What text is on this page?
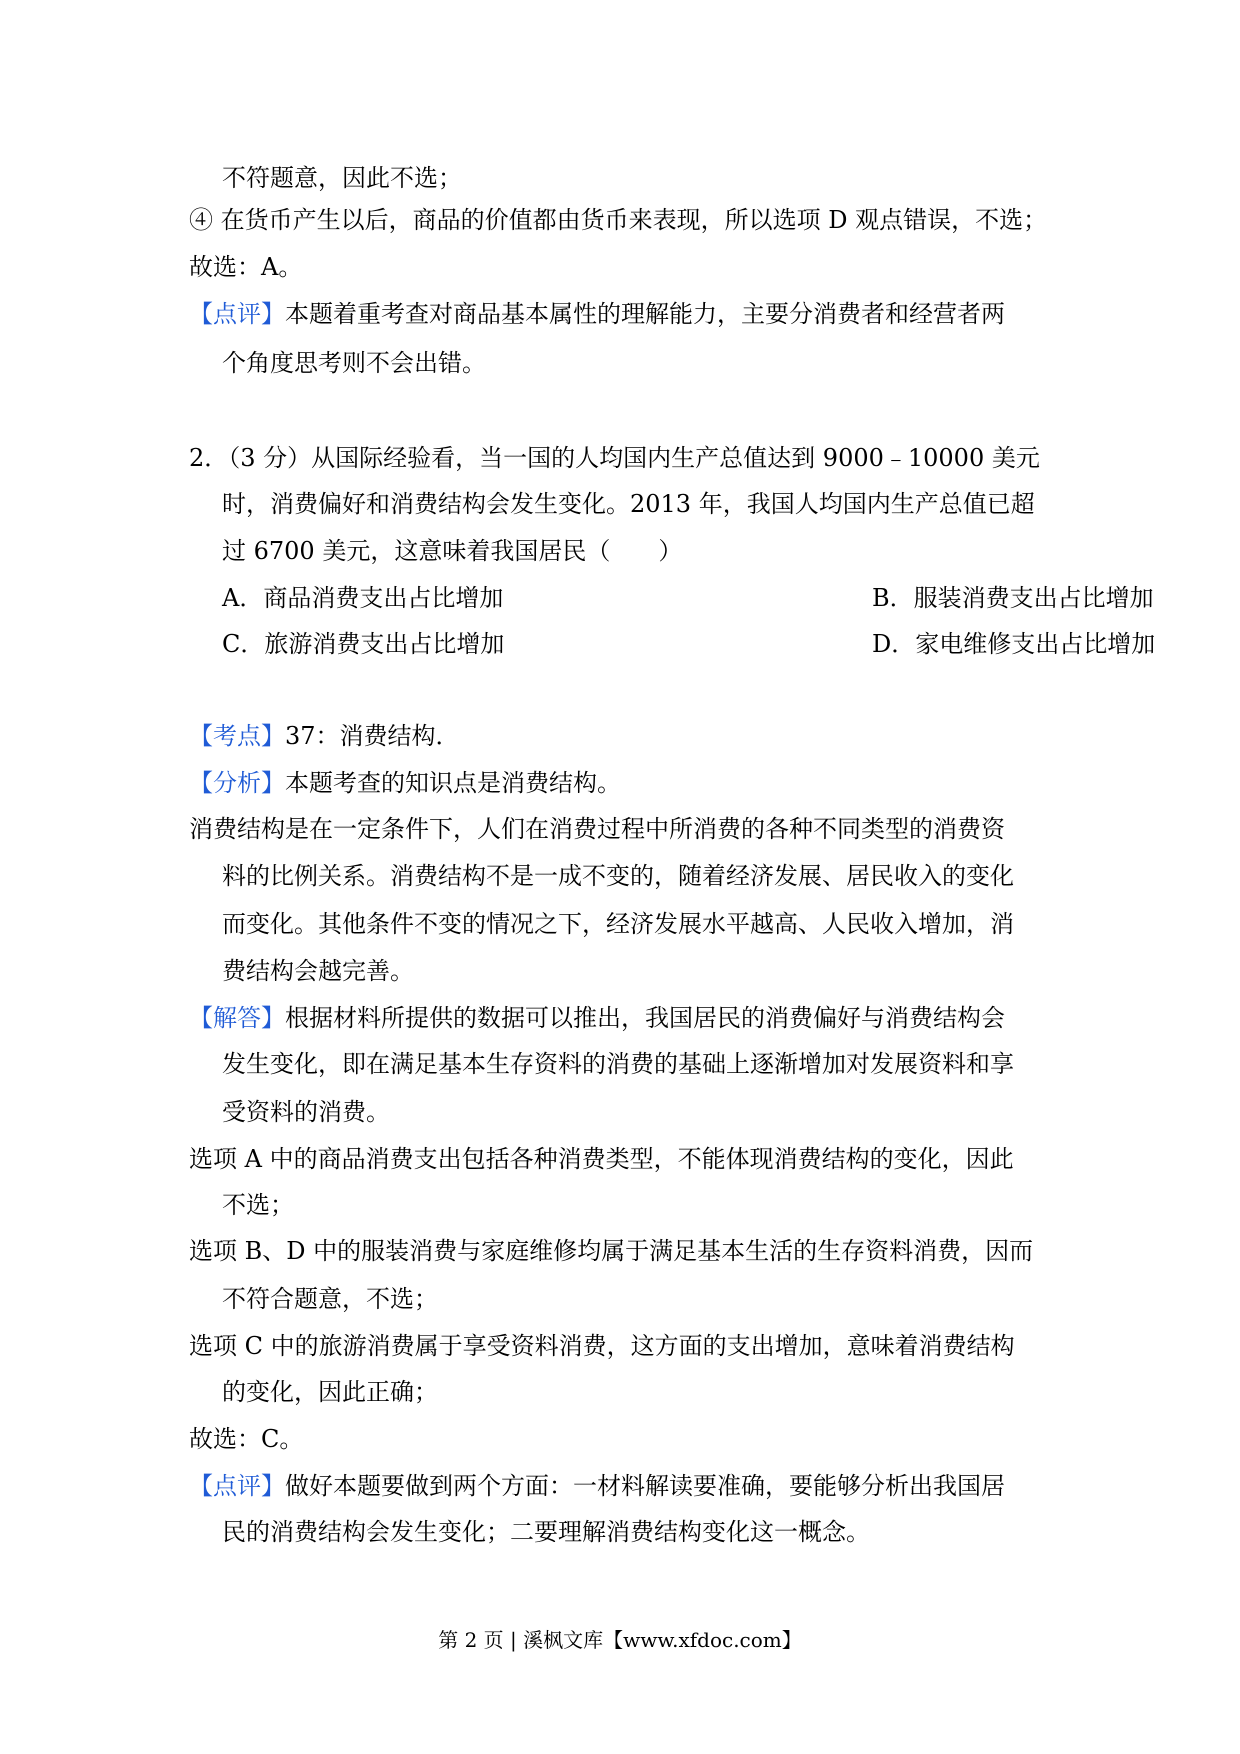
不符题意，因此不选；
④ 在货币产生以后，商品的价值都由货币来表现，所以选项 D 观点错误，不选；
故选：A。
【点评】本题着重考查对商品基本属性的理解能力，主要分消费者和经营者两
个角度思考则不会出错。
2．（3 分）从国际经验看，当一国的人均国内生产总值达到 9000﹣10000 美元
时，消费偏好和消费结构会发生变化。2013 年，我国人均国内生产总值已超
过 6700 美元，这意味着我国居民（　　）
A．商品消费支出占比增加	B．服装消费支出占比增加
C．旅游消费支出占比增加	D．家电维修支出占比增加
【考点】37：消费结构．
【分析】本题考查的知识点是消费结构。
消费结构是在一定条件下，人们在消费过程中所消费的各种不同类型的消费资
料的比例关系。消费结构不是一成不变的，随着经济发展、居民收入的变化
而变化。其他条件不变的情况之下，经济发展水平越高、人民收入增加，消
费结构会越完善。
【解答】根据材料所提供的数据可以推出，我国居民的消费偏好与消费结构会
发生变化，即在满足基本生存资料的消费的基础上逐渐增加对发展资料和享
受资料的消费。
选项 A 中的商品消费支出包括各种消费类型，不能体现消费结构的变化，因此
不选；
选项 B、D 中的服装消费与家庭维修均属于满足基本生活的生存资料消费，因而
不符合题意，不选；
选项 C 中的旅游消费属于享受资料消费，这方面的支出增加，意味着消费结构
的变化，因此正确；
故选：C。
【点评】做好本题要做到两个方面：一材料解读要准确，要能够分析出我国居
民的消费结构会发生变化；二要理解消费结构变化这一概念。
第 2 页 | 溪枫文库【www.xfdoc.com】
